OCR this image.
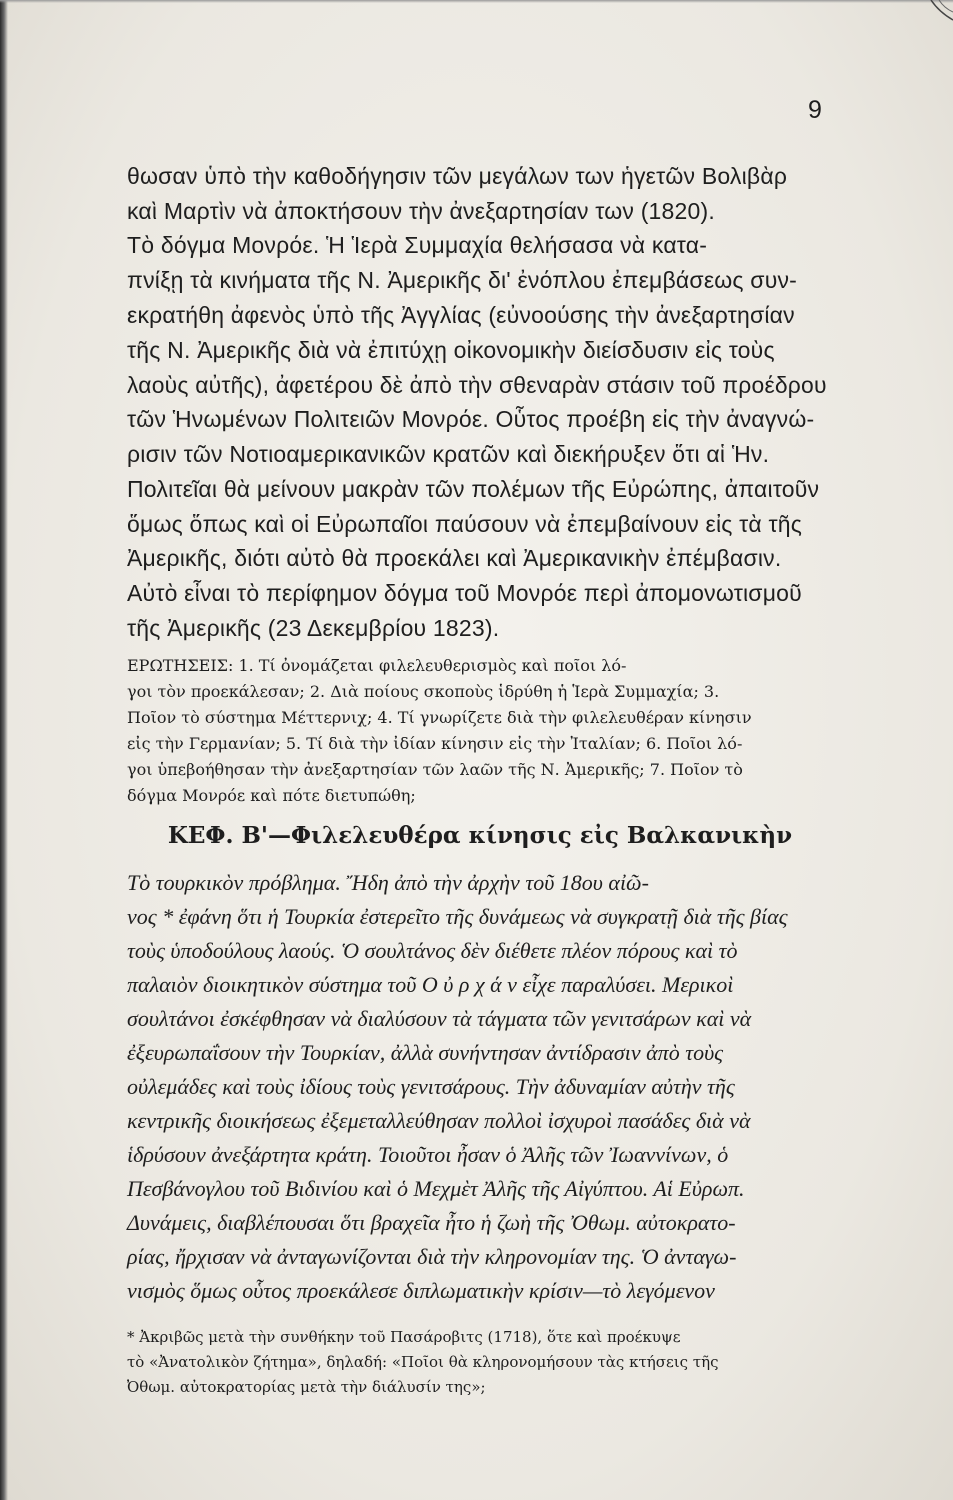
9
θωσαν ὑπὸ τὴν καθοδήγησιν τῶν μεγάλων των ἡγετῶν Βολιβὰρ
καὶ Μαρτὶν νὰ ἀποκτήσουν τὴν ἀνεξαρτησίαν των (1820).
Τὸ δόγμα Μονρόε. Ἡ Ἱερὰ Συμμαχία θελήσασα νὰ κατα-
πνίξῃ τὰ κινήματα τῆς Ν. Ἀμερικῆς δι' ἐνόπλου ἐπεμβάσεως συν-
εκρατήθη ἀφενὸς ὑπὸ τῆς Ἀγγλίας (εὐνοούσης τὴν ἀνεξαρτησίαν
τῆς Ν. Ἀμερικῆς διὰ νὰ ἐπιτύχῃ οἰκονομικὴν διείσδυσιν εἰς τοὺς
λαοὺς αὐτῆς), ἀφετέρου δὲ ἀπὸ τὴν σθεναρὰν στάσιν τοῦ προέδρου
τῶν Ἡνωμένων Πολιτειῶν Μονρόε. Οὗτος προέβη εἰς τὴν ἀναγνώ-
ρισιν τῶν Νοτιοαμερικανικῶν κρατῶν καὶ διεκήρυξεν ὅτι αἱ Ἡν.
Πολιτεῖαι θὰ μείνουν μακρὰν τῶν πολέμων τῆς Εὐρώπης, ἀπαιτοῦν
ὅμως ὅπως καὶ οἱ Εὐρωπαῖοι παύσουν νὰ ἐπεμβαίνουν εἰς τὰ τῆς
Ἀμερικῆς, διότι αὐτὸ θὰ προεκάλει καὶ Ἀμερικανικὴν ἐπέμβασιν.
Αὐτὸ εἶναι τὸ περίφημον δόγμα τοῦ Μονρόε περὶ ἀπομονωτισμοῦ
τῆς Ἀμερικῆς (23 Δεκεμβρίου 1823).
ΕΡΩΤΗΣΕΙΣ: 1. Τί ὀνομάζεται φιλελευθερισμὸς καὶ ποῖοι λό-
γοι τὸν προεκάλεσαν; 2. Διὰ ποίους σκοποὺς ἱδρύθη ἡ Ἱερὰ Συμμαχία; 3.
Ποῖον τὸ σύστημα Μέττερνιχ; 4. Τί γνωρίζετε διὰ τὴν φιλελευθέραν κίνησιν
εἰς τὴν Γερμανίαν; 5. Τί διὰ τὴν ἰδίαν κίνησιν εἰς τὴν Ἰταλίαν; 6. Ποῖοι λό-
γοι ὑπεβοήθησαν τὴν ἀνεξαρτησίαν τῶν λαῶν τῆς Ν. Ἀμερικῆς; 7. Ποῖον τὸ
δόγμα Μονρόε καὶ πότε διετυπώθη;
ΚΕΦ. Β'—Φιλελευθέρα κίνησις εἰς Βαλκανικὴν
Τὸ τουρκικὸν πρόβλημα. Ἤδη ἀπὸ τὴν ἀρχὴν τοῦ 18ου αἰῶ-
νος * ἐφάνη ὅτι ἡ Τουρκία ἐστερεῖτο τῆς δυνάμεως νὰ συγκρατῇ διὰ τῆς βίας
τοὺς ὑποδούλους λαούς. Ὁ σουλτάνος δὲν διέθετε πλέον πόρους καὶ τὸ
παλαιὸν διοικητικὸν σύστημα τοῦ Ο ὐ ρ χ ά ν εἶχε παραλύσει. Μερικοὶ
σουλτάνοι ἐσκέφθησαν νὰ διαλύσουν τὰ τάγματα τῶν γενιτσάρων καὶ νὰ
ἐξευρωπαΐσουν τὴν Τουρκίαν, ἀλλὰ συνήντησαν ἀντίδρασιν ἀπὸ τοὺς
οὐλεμάδες καὶ τοὺς ἰδίους τοὺς γενιτσάρους. Τὴν ἀδυναμίαν αὐτὴν τῆς
κεντρικῆς διοικήσεως ἐξεμεταλλεύθησαν πολλοὶ ἰσχυροὶ πασάδες διὰ νὰ
ἱδρύσουν ἀνεξάρτητα κράτη. Τοιοῦτοι ἦσαν ὁ Ἀλῆς τῶν Ἰωαννίνων, ὁ
Πεσβάνογλου τοῦ Βιδινίου καὶ ὁ Μεχμὲτ Ἀλῆς τῆς Αἰγύπτου. Αἱ Εὐρωπ.
Δυνάμεις, διαβλέπουσαι ὅτι βραχεῖα ἦτο ἡ ζωὴ τῆς Ὀθωμ. αὐτοκρατο-
ρίας, ἤρχισαν νὰ ἀνταγωνίζονται διὰ τὴν κληρονομίαν της. Ὁ ἀνταγω-
νισμὸς ὅμως οὗτος προεκάλεσε διπλωματικὴν κρίσιν—τὸ λεγόμενον
* Ἀκριβῶς μετὰ τὴν συνθήκην τοῦ Πασάροβιτς (1718), ὅτε καὶ προέκυψε
τὸ «Ἀνατολικὸν ζήτημα», δηλαδή: «Ποῖοι θὰ κληρονομήσουν τὰς κτήσεις τῆς
Ὀθωμ. αὐτοκρατορίας μετὰ τὴν διάλυσίν της»;
